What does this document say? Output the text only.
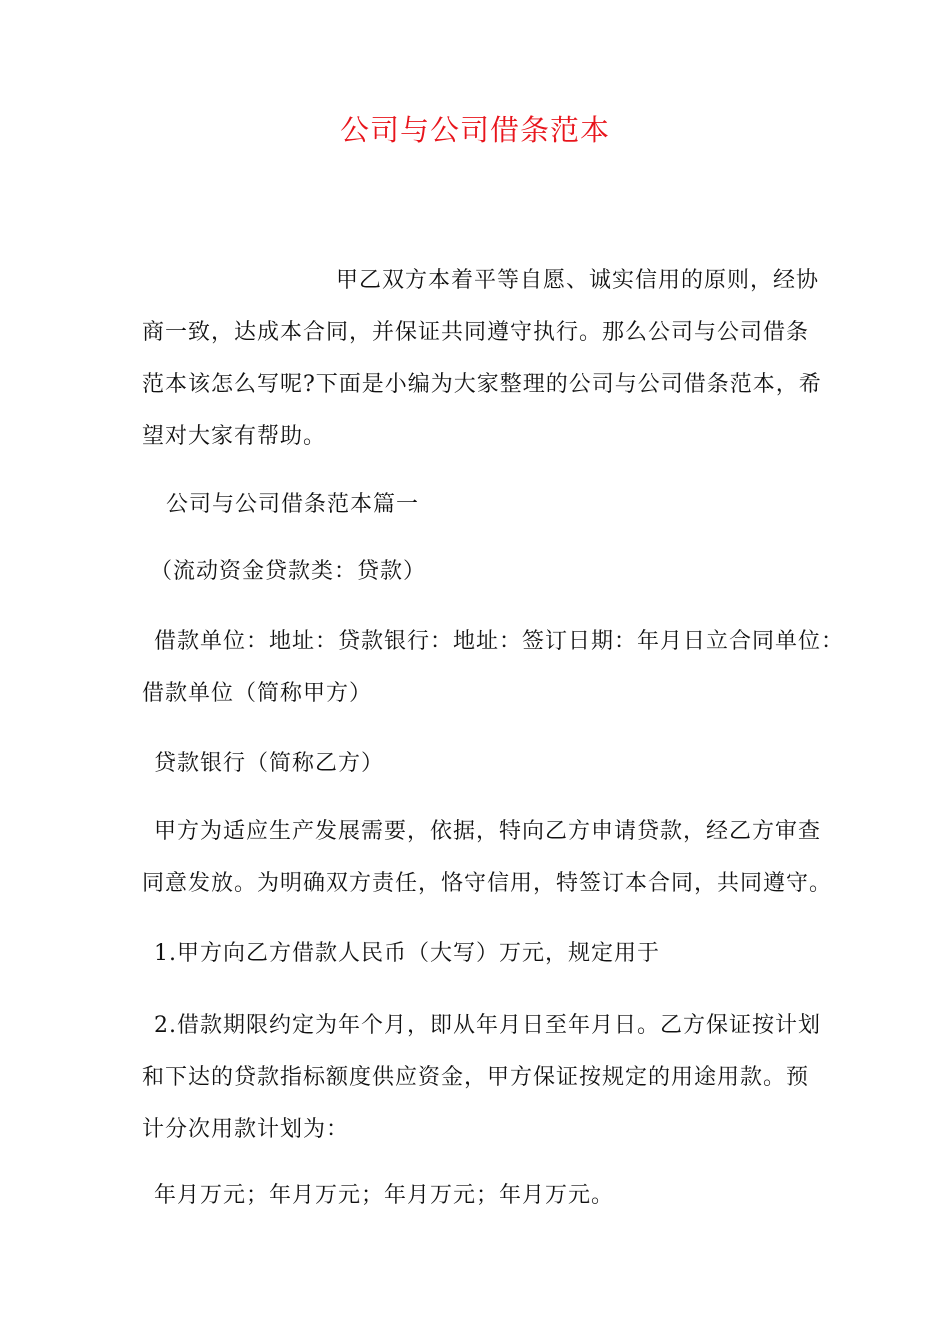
公司与公司借条范本
甲乙双方本着平等自愿、诚实信用的原则，经协
商一致，达成本合同，并保证共同遵守执行。那么公司与公司借条
范本该怎么写呢?下面是小编为大家整理的公司与公司借条范本，希
望对大家有帮助。
公司与公司借条范本篇一
（流动资金贷款类：贷款）
借款单位：地址：贷款银行：地址：签订日期：年月日立合同单位：
借款单位（简称甲方）
贷款银行（简称乙方）
甲方为适应生产发展需要，依据，特向乙方申请贷款，经乙方审查
同意发放。为明确双方责任，恪守信用，特签订本合同，共同遵守。
1.甲方向乙方借款人民币（大写）万元，规定用于
2.借款期限约定为年个月，即从年月日至年月日。乙方保证按计划
和下达的贷款指标额度供应资金，甲方保证按规定的用途用款。预
计分次用款计划为：
年月万元；年月万元；年月万元；年月万元。
